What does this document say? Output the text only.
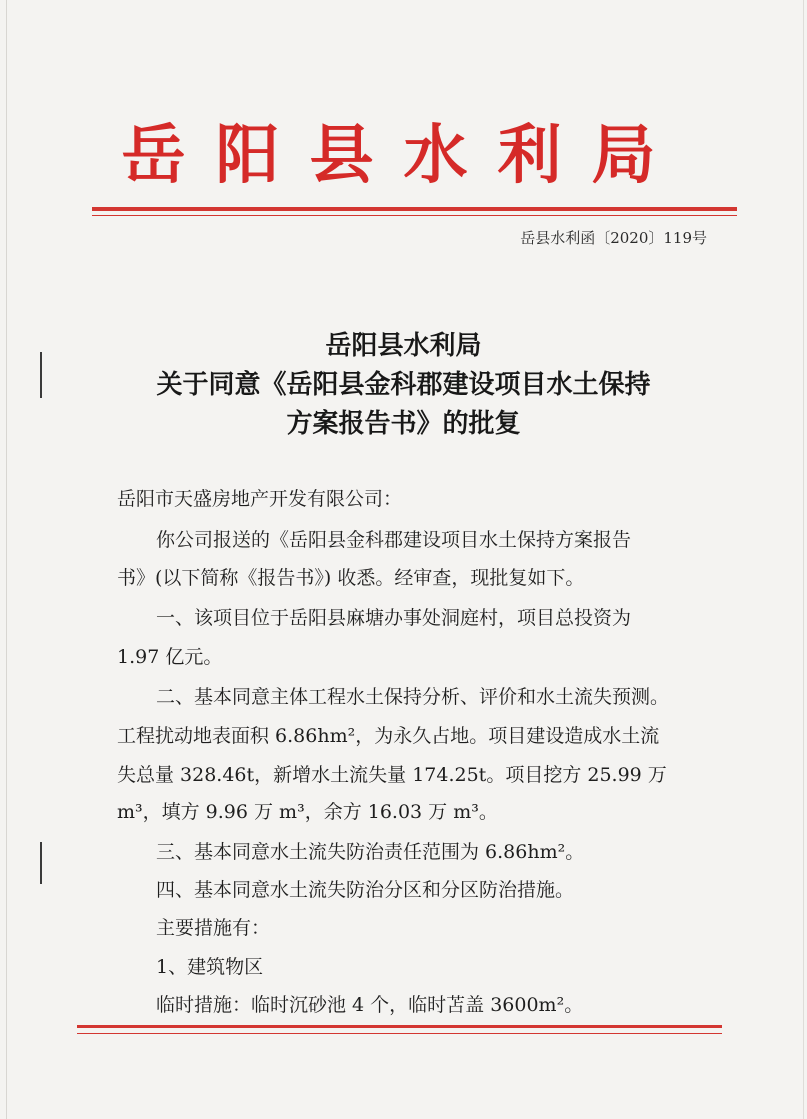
岳阳县水利局
岳县水利函〔2020〕119号
岳阳县水利局
关于同意《岳阳县金科郡建设项目水土保持
方案报告书》的批复
岳阳市天盛房地产开发有限公司：
你公司报送的《岳阳县金科郡建设项目水土保持方案报告
书》(以下简称《报告书》) 收悉。经审查，现批复如下。
一、该项目位于岳阳县麻塘办事处洞庭村，项目总投资为
1.97 亿元。
二、基本同意主体工程水土保持分析、评价和水土流失预测。
工程扰动地表面积 6.86hm²，为永久占地。项目建设造成水土流
失总量 328.46t，新增水土流失量 174.25t。项目挖方 25.99 万
m³，填方 9.96 万 m³，余方 16.03 万 m³。
三、基本同意水土流失防治责任范围为 6.86hm²。
四、基本同意水土流失防治分区和分区防治措施。
主要措施有：
1、建筑物区
临时措施：临时沉砂池 4 个，临时苫盖 3600m²。
